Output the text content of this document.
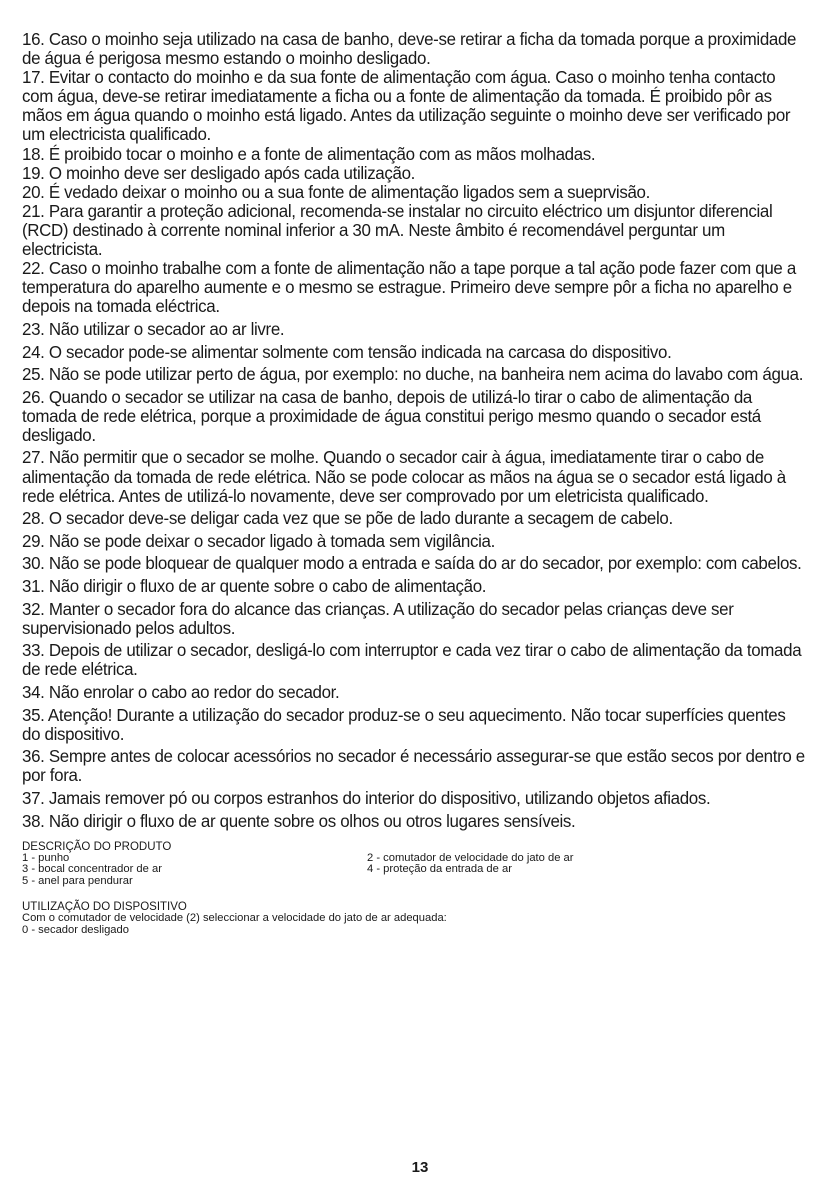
16. Caso o moinho seja utilizado na casa de banho, deve-se retirar a ficha da tomada porque a proximidade de água é perigosa mesmo estando o moinho desligado.

17. Evitar o contacto do moinho e da sua fonte de alimentação com água. Caso o moinho tenha contacto com água, deve-se retirar imediatamente a ficha ou a fonte de alimentação da tomada. É proibido pôr as mãos em água quando o moinho está ligado. Antes da utilização seguinte o moinho deve ser verificado por um electricista qualificado.

18. É proibido tocar o moinho e a fonte de alimentação com as mãos molhadas.

19. O moinho deve ser desligado após cada utilização.

20. É vedado deixar o moinho ou a sua fonte de alimentação ligados sem a sueprvisão.

21. Para garantir a proteção adicional, recomenda-se instalar no circuito eléctrico um disjuntor diferencial (RCD) destinado à corrente nominal inferior a 30 mA. Neste âmbito é recomendável perguntar um electricista.

22. Caso o moinho trabalhe com a fonte de alimentação não a tape porque a tal ação pode fazer com que a temperatura do aparelho aumente e o mesmo se estrague. Primeiro deve sempre pôr a ficha no aparelho e depois na tomada eléctrica.

23. Não utilizar o secador ao ar livre.

24. O secador pode-se alimentar solmente com tensão indicada na carcasa do dispositivo.

25. Não se pode utilizar perto de água, por exemplo: no duche, na banheira nem acima do lavabo com água.

26. Quando o secador se utilizar na casa de banho, depois de utilizá-lo tirar o cabo de alimentação da tomada de rede elétrica, porque a proximidade de água constitui perigo mesmo quando o secador está desligado.

27. Não permitir que o secador se molhe. Quando o secador cair à água, imediatamente tirar o cabo de alimentação da tomada de rede elétrica. Não se pode colocar as mãos na água se o secador está ligado à rede elétrica. Antes de utilizá-lo novamente, deve ser comprovado por um eletricista qualificado.

28. O secador deve-se deligar cada vez que se põe de lado durante a secagem de cabelo.

29. Não se pode deixar o secador ligado à tomada sem vigilância.

30. Não se pode bloquear de qualquer modo a entrada e saída do ar do secador, por exemplo: com cabelos.

31. Não dirigir o fluxo de ar quente sobre o cabo de alimentação.

32. Manter o secador fora do alcance das crianças. A utilização do secador pelas crianças deve ser supervisionado pelos adultos.

33. Depois de utilizar o secador, desligá-lo com interruptor e cada vez tirar o cabo de alimentação da tomada de rede elétrica.

34. Não enrolar o cabo ao redor do secador.

35. Atenção! Durante a utilização do secador produz-se o seu aquecimento. Não tocar superfícies quentes do dispositivo.

36. Sempre antes de colocar acessórios no secador é necessário assegurar-se que estão secos por dentro e por fora.

37. Jamais remover pó ou corpos estranhos do interior do dispositivo, utilizando objetos afiados.

38. Não dirigir o fluxo de ar quente sobre os olhos ou otros lugares sensíveis.

DESCRIÇÃO DO PRODUTO

1 - punho	2 - comutador de velocidade do jato de ar

3 - bocal concentrador de ar	4 - proteção da entrada de ar

5 - anel para pendurar

UTILIZAÇÃO DO DISPOSITIVO

Com o comutador de velocidade (2) seleccionar a velocidade do jato de ar adequada:

0 - secador desligado

13
